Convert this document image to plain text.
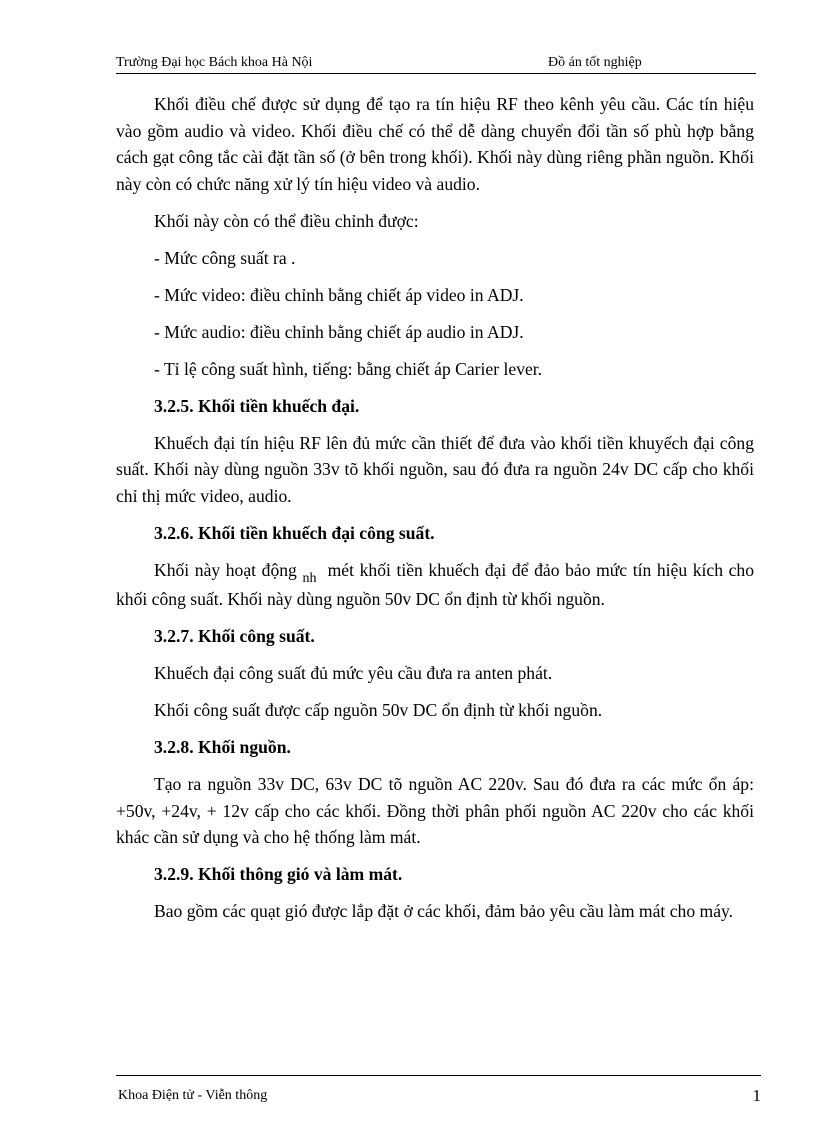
Trường Đại học Bách khoa Hà Nội	Đồ án tốt nghiệp

Khối điều chế được sử dụng để tạo ra tín hiệu RF theo kênh yêu cầu. Các tín hiệu vào gồm audio và video. Khối điều chế có thể dễ dàng chuyển đổi tần số phù hợp bằng cách gạt công tắc cài đặt tần số (ở bên trong khối). Khối này dùng riêng phần nguồn. Khối này còn có chức năng xử lý tín hiệu video và audio.

Khối này còn có thể điều chỉnh được:

- Mức công suất ra .

- Mức video: điều chỉnh bằng chiết áp video in ADJ.

- Mức audio: điều chỉnh bằng chiết áp audio in ADJ.

- Tỉ lệ công suất hình, tiếng: bằng chiết áp Carier lever.

3.2.5. Khối tiền khuếch đại.

Khuếch đại tín hiệu RF lên đủ mức cần thiết để đưa vào khối tiền khuyếch đại công suất. Khối này dùng nguồn 33v tõ khối nguồn, sau đó đưa ra nguồn 24v DC cấp cho khối chỉ thị mức video, audio.

3.2.6. Khối tiền khuếch đại công suất.

Khối này hoạt động $_{nh}$ mét khối tiền khuếch đại để đảo bảo mức tín hiệu kích cho khối công suất. Khối này dùng nguồn 50v DC ổn định từ khối nguồn.

3.2.7. Khối công suất.

Khuếch đại công suất đủ mức yêu cầu đưa ra anten phát.

Khối công suất được cấp nguồn 50v DC ổn định từ khối nguồn.

3.2.8. Khối nguồn.

Tạo ra nguồn 33v DC, 63v DC tõ nguồn AC 220v. Sau đó đưa ra các mức ổn áp: +50v, +24v, + 12v cấp cho các khối. Đồng thời phân phối nguồn AC 220v cho các khối khác cần sử dụng và cho hệ thống làm mát.

3.2.9. Khối thông gió và làm mát.

Bao gồm các quạt gió được lắp đặt ở các khối, đảm bảo yêu cầu làm mát cho máy.

Khoa Điện tử - Viễn thông	1
